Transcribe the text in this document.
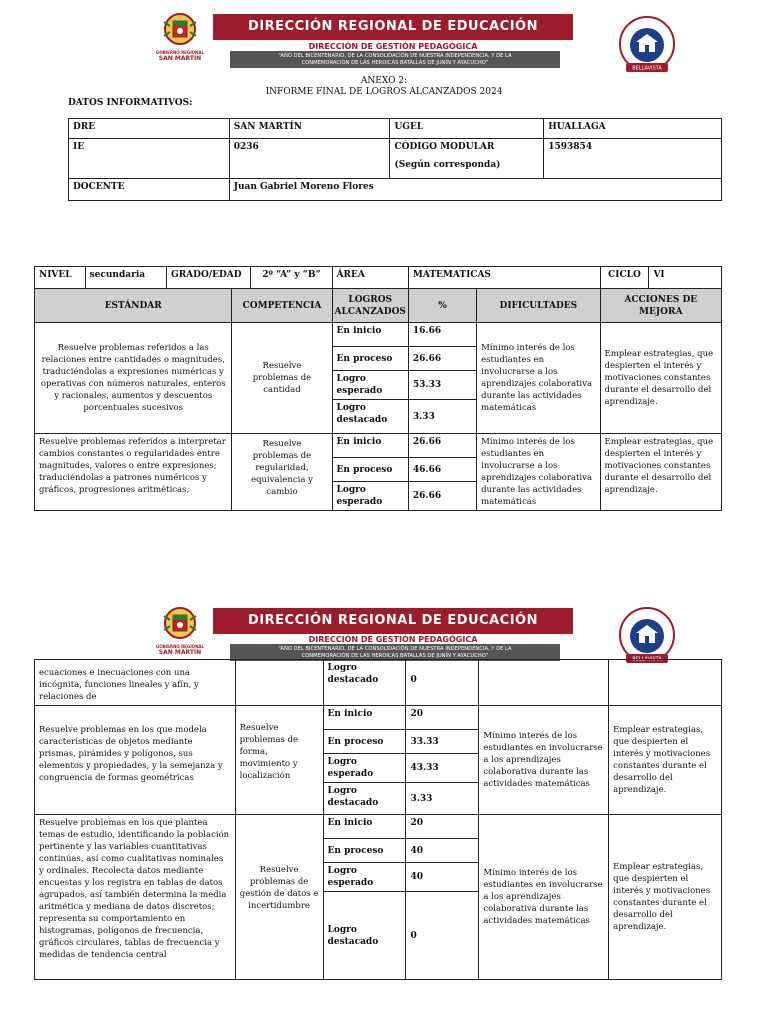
GOBIERNO REGIONAL
SAN MARTÍN
DIRECCIÓN REGIONAL DE EDUCACIÓN
DIRECCIÓN DE GESTIÓN PEDAGÓGICA
“AÑO DEL BICENTENARIO, DE LA CONSOLIDACIÓN DE NUESTRA INDEPENDENCIA, Y DE LA
CONMEMORACIÓN DE LAS HEROICAS BATALLAS DE JUNÍN Y AYACUCHO”
BELLAVISTA
ANEXO 2:
INFORME FINAL DE LOGROS ALCANZADOS 2024
DATOS INFORMATIVOS:
DRE	SAN MARTÍN	UGEL	HUALLAGA
IE	0236	CÓDIGO MODULAR
(Según corresponda)	1593854
DOCENTE	Juan Gabriel Moreno Flores		
NIVEL	secundaria	GRADO/EDAD		2º “A” y “B”	ÁREA	MATEMATICAS		CICLO	VI
ESTÁNDAR			COMPETENCIA		LOGROS ALCANZADOS	%	DIFICULTADES	ACCIONES DE MEJORA	
Resuelve problemas referidos a las relaciones entre cantidades o magnitudes, traduciéndolas a expresiones numéricas y operativas con números naturales, enteros y racionales, aumentos y descuentos porcentuales sucesivos			Resuelve problemas de cantidad		En inicio	16.66	Mínimo interés de los estudiantes en involucrarse a los aprendizajes colaborativa durante las actividades matemáticas	Emplear estrategias, que despierten el interés y motivaciones constantes durante el desarrollo del aprendizaje.	
					En proceso	26.66			
					Logro esperado	53.33			
					Logro destacado	3.33			
Resuelve problemas referidos a interpretar cambios constantes o regularidades entre magnitudes, valores o entre expresiones; traduciéndolas a patrones numéricos y gráficos, progresiones aritméticas,			Resuelve problemas de regularidad, equivalencia y cambio		En inicio	26.66	Mínimo interés de los estudiantes en involucrarse a los aprendizajes colaborativa durante las actividades matemáticas	Emplear estrategias, que despierten el interés y motivaciones constantes durante el desarrollo del aprendizaje.	
					En proceso	46.66			
					Logro esperado	26.66			
GOBIERNO REGIONAL
SAN MARTÍN
DIRECCIÓN REGIONAL DE EDUCACIÓN
DIRECCIÓN DE GESTIÓN PEDAGÓGICA
“AÑO DEL BICENTENARIO, DE LA CONSOLIDACIÓN DE NUESTRA INDEPENDENCIA, Y DE LA
CONMEMORACIÓN DE LAS HEROICAS BATALLAS DE JUNÍN Y AYACUCHO”
BELLAVISTA
ecuaciones e inecuaciones con una incógnita, funciones lineales y afín, y relaciones de		Logro destacado	0		
Resuelve problemas en los que modela características de objetos mediante prismas, pirámides y polígonos, sus elementos y propiedades, y la semejanza y congruencia de formas geométricas	Resuelve problemas de forma, movimiento y localización	En inicio	20	Mínimo interés de los estudiantes en involucrarse a los aprendizajes colaborativa durante las actividades matemáticas	Emplear estrategias, que despierten el interés y motivaciones constantes durante el desarrollo del aprendizaje.
		En proceso	33.33		
		Logro esperado	43.33		
		Logro destacado	3.33		
Resuelve problemas en los que plantea temas de estudio, identificando la población pertinente y las variables cuantitativas continúas, así como cualitativas nominales y ordinales. Recolecta datos mediante encuestas y los registra en tablas de datos agrupados, así también determina la media aritmética y mediana de datos discretos; representa su comportamiento en histogramas, polígonos de frecuencia, gráficos circulares, tablas de frecuencia y medidas de tendencia central	Resuelve problemas de gestión de datos e incertidumbre	En inicio	20	Mínimo interés de los estudiantes en involucrarse a los aprendizajes colaborativa durante las actividades matemáticas	Emplear estrategias, que despierten el interés y motivaciones constantes durante el desarrollo del aprendizaje.
		En proceso	40		
		Logro esperado	40		
		Logro destacado	0		
